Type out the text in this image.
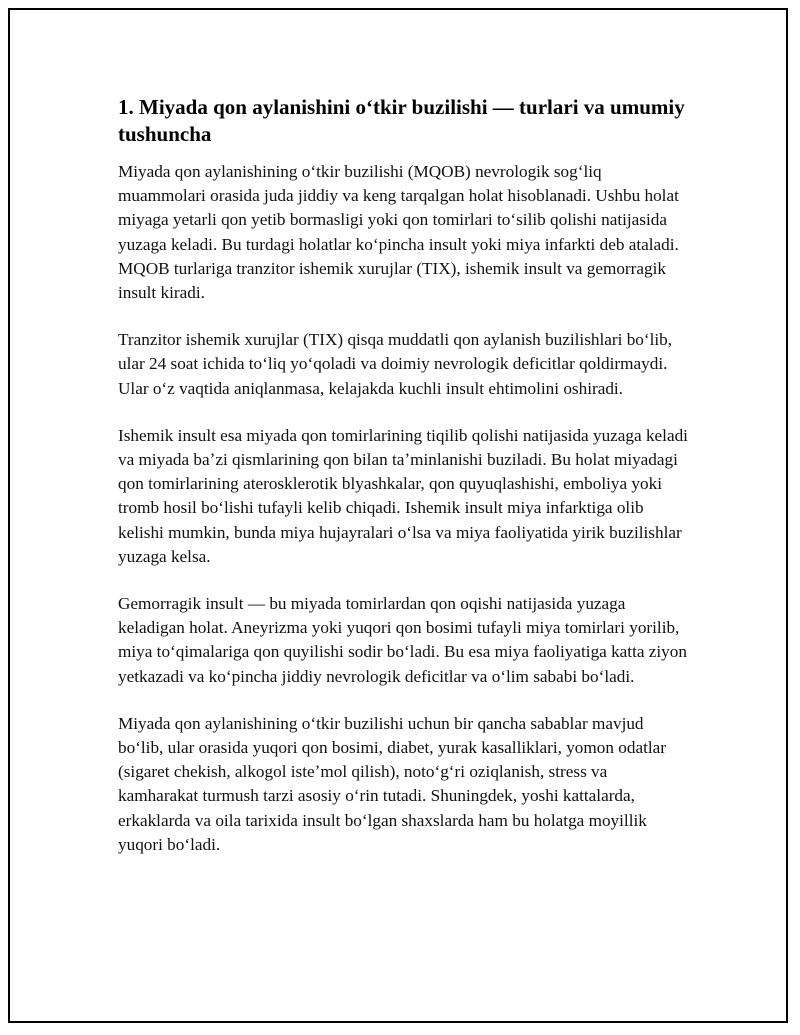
1. Miyada qon aylanishini oʻtkir buzilishi — turlari va umumiy tushuncha

Miyada qon aylanishining oʻtkir buzilishi (MQOB) nevrologik sogʻliq muammolari orasida juda jiddiy va keng tarqalgan holat hisoblanadi. Ushbu holat miyaga yetarli qon yetib bormasligi yoki qon tomirlari toʻsilib qolishi natijasida yuzaga keladi. Bu turdagi holatlar koʻpincha insult yoki miya infarkti deb ataladi. MQOB turlariga tranzitor ishemik xurujlar (TIX), ishemik insult va gemorragik insult kiradi.

Tranzitor ishemik xurujlar (TIX) qisqa muddatli qon aylanish buzilishlari boʻlib, ular 24 soat ichida toʻliq yoʻqoladi va doimiy nevrologik deficitlar qoldirmaydi. Ular oʻz vaqtida aniqlanmasa, kelajakda kuchli insult ehtimolini oshiradi.

Ishemik insult esa miyada qon tomirlarining tiqilib qolishi natijasida yuzaga keladi va miyada baʼzi qismlarining qon bilan taʼminlanishi buziladi. Bu holat miyadagi qon tomirlarining aterosklerotik blyashkalar, qon quyuqlashishi, emboliya yoki tromb hosil boʻlishi tufayli kelib chiqadi. Ishemik insult miya infarktiga olib kelishi mumkin, bunda miya hujayralari oʻlsa va miya faoliyatida yirik buzilishlar yuzaga kelsa.

Gemorragik insult — bu miyada tomirlardan qon oqishi natijasida yuzaga keladigan holat. Aneyrizma yoki yuqori qon bosimi tufayli miya tomirlari yorilib, miya toʻqimalariga qon quyilishi sodir boʻladi. Bu esa miya faoliyatiga katta ziyon yetkazadi va koʻpincha jiddiy nevrologik deficitlar va oʻlim sababi boʻladi.

Miyada qon aylanishining oʻtkir buzilishi uchun bir qancha sabablar mavjud boʻlib, ular orasida yuqori qon bosimi, diabet, yurak kasalliklari, yomon odatlar (sigaret chekish, alkogol isteʼmol qilish), notoʻgʻri oziqlanish, stress va kamharakat turmush tarzi asosiy oʻrin tutadi. Shuningdek, yoshi kattalarda, erkaklarda va oila tarixida insult boʻlgan shaxslarda ham bu holatga moyillik yuqori boʻladi.
